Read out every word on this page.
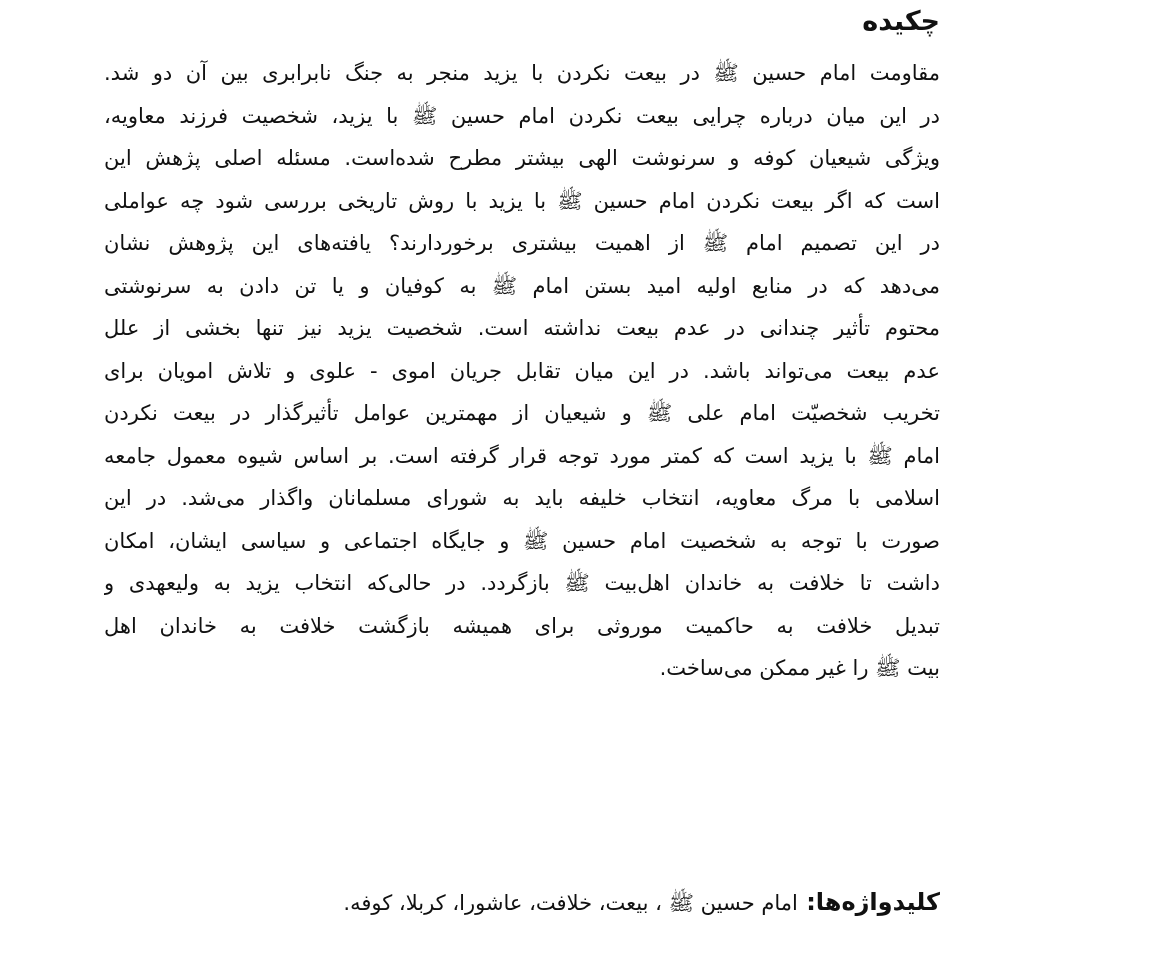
چکیده
مقاومت امام حسین ﷺ در بیعت نکردن با یزید منجر به جنگ نابرابری بین آن دو شد.
در این میان درباره چرایی بیعت نکردن امام حسین ﷺ با یزید، شخصیت فرزند معاویه،
ویژگی شیعیان کوفه و سرنوشت الهی بیشتر مطرح شده‌است. مسئله اصلی پژهش این
است که اگر بیعت نکردن امام حسین ﷺ با یزید با روش تاریخی بررسی شود چه عواملی
در این تصمیم امام ﷺ از اهمیت بیشتری برخوردارند؟ یافته‌های این پژوهش نشان
می‌دهد که در منابع اولیه امید بستن امام ﷺ به کوفیان و یا تن دادن به سرنوشتی
محتوم تأثیر چندانی در عدم بیعت نداشته است. شخصیت یزید نیز تنها بخشی از علل
عدم بیعت می‌تواند باشد. در این میان تقابل جریان اموی - علوی و تلاش امویان برای
تخریب شخصیّت امام علی ﷺ و شیعیان از مهمترین عوامل تأثیرگذار در بیعت نکردن
امام ﷺ با یزید است که کمتر مورد توجه قرار گرفته است. بر اساس شیوه معمول جامعه
اسلامی با مرگ معاویه، انتخاب خلیفه باید به شورای مسلمانان واگذار می‌شد. در این
صورت با توجه به شخصیت امام حسین ﷺ و جایگاه اجتماعی و سیاسی ایشان، امکان
داشت تا خلافت به خاندان اهل‌بیت ﷺ بازگردد. در حالی‌که انتخاب یزید به ولیعهدی و
تبدیل خلافت به حاکمیت موروثی برای همیشه بازگشت خلافت به خاندان اهل
بیت ﷺ را غیر ممکن می‌ساخت.
کلیدواژه‌ها: امام حسین ﷺ ، بیعت، خلافت، عاشورا، کربلا، کوفه.
